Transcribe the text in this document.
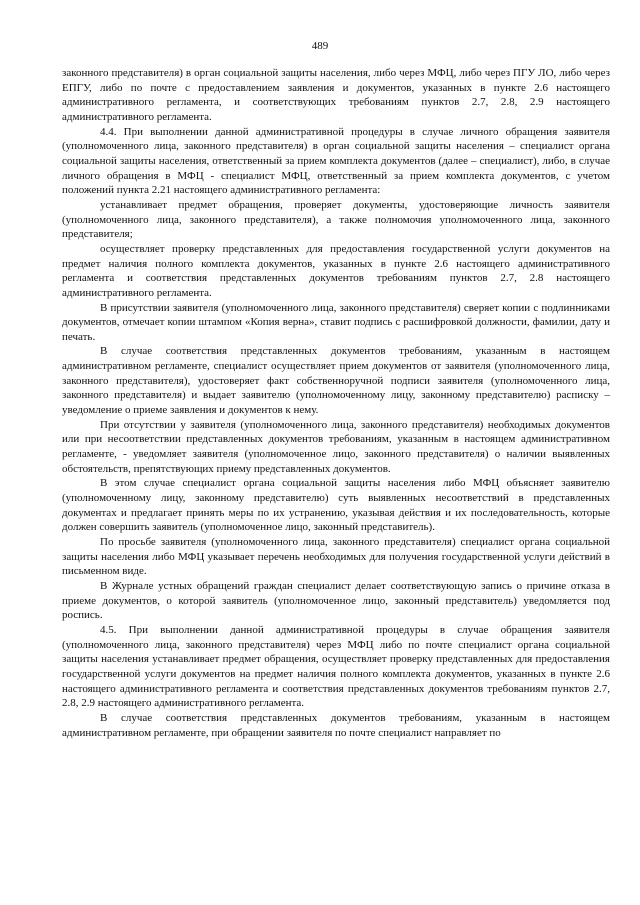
489

законного представителя) в орган социальной защиты населения, либо через МФЦ, либо через ПГУ ЛО, либо через ЕПГУ, либо по почте с предоставлением заявления и документов, указанных в пункте 2.6 настоящего административного регламента, и соответствующих требованиям пунктов 2.7, 2.8, 2.9 настоящего административного регламента.

4.4. При выполнении данной административной процедуры в случае личного обращения заявителя (уполномоченного лица, законного представителя) в орган социальной защиты населения – специалист органа социальной защиты населения, ответственный за прием комплекта документов (далее – специалист), либо, в случае личного обращения в МФЦ - специалист МФЦ, ответственный за прием комплекта документов, с учетом положений пункта 2.21 настоящего административного регламента:

устанавливает предмет обращения, проверяет документы, удостоверяющие личность заявителя (уполномоченного лица, законного представителя), а также полномочия уполномоченного лица, законного представителя;

осуществляет проверку представленных для предоставления государственной услуги документов на предмет наличия полного комплекта документов, указанных в пункте 2.6 настоящего административного регламента и соответствия представленных документов требованиям пунктов 2.7, 2.8 настоящего административного регламента.

В присутствии заявителя (уполномоченного лица, законного представителя) сверяет копии с подлинниками документов, отмечает копии штампом «Копия верна», ставит подпись с расшифровкой должности, фамилии, дату и печать.

В случае соответствия представленных документов требованиям, указанным в настоящем административном регламенте, специалист осуществляет прием документов от заявителя (уполномоченного лица, законного представителя), удостоверяет факт собственноручной подписи заявителя (уполномоченного лица, законного представителя) и выдает заявителю (уполномоченному лицу, законному представителю) расписку – уведомление о приеме заявления и документов к нему.

При отсутствии у заявителя (уполномоченного лица, законного представителя) необходимых документов или при несоответствии представленных документов требованиям, указанным в настоящем административном регламенте, - уведомляет заявителя (уполномоченное лицо, законного представителя) о наличии выявленных обстоятельств, препятствующих приему представленных документов.

В этом случае специалист органа социальной защиты населения либо МФЦ объясняет заявителю (уполномоченному лицу, законному представителю) суть выявленных несоответствий в представленных документах и предлагает принять меры по их устранению, указывая действия и их последовательность, которые должен совершить заявитель (уполномоченное лицо, законный представитель).

По просьбе заявителя (уполномоченного лица, законного представителя) специалист органа социальной защиты населения либо МФЦ указывает перечень необходимых для получения государственной услуги действий в письменном виде.

В Журнале устных обращений граждан специалист делает соответствующую запись о причине отказа в приеме документов, о которой заявитель (уполномоченное лицо, законный представитель) уведомляется под роспись.

4.5. При выполнении данной административной процедуры в случае обращения заявителя (уполномоченного лица, законного представителя) через МФЦ либо по почте специалист органа социальной защиты населения устанавливает предмет обращения, осуществляет проверку представленных для предоставления государственной услуги документов на предмет наличия полного комплекта документов, указанных в пункте 2.6 настоящего административного регламента и соответствия представленных документов требованиям пунктов 2.7, 2.8, 2.9 настоящего административного регламента.

В случае соответствия представленных документов требованиям, указанным в настоящем административном регламенте, при обращении заявителя по почте специалист направляет по
